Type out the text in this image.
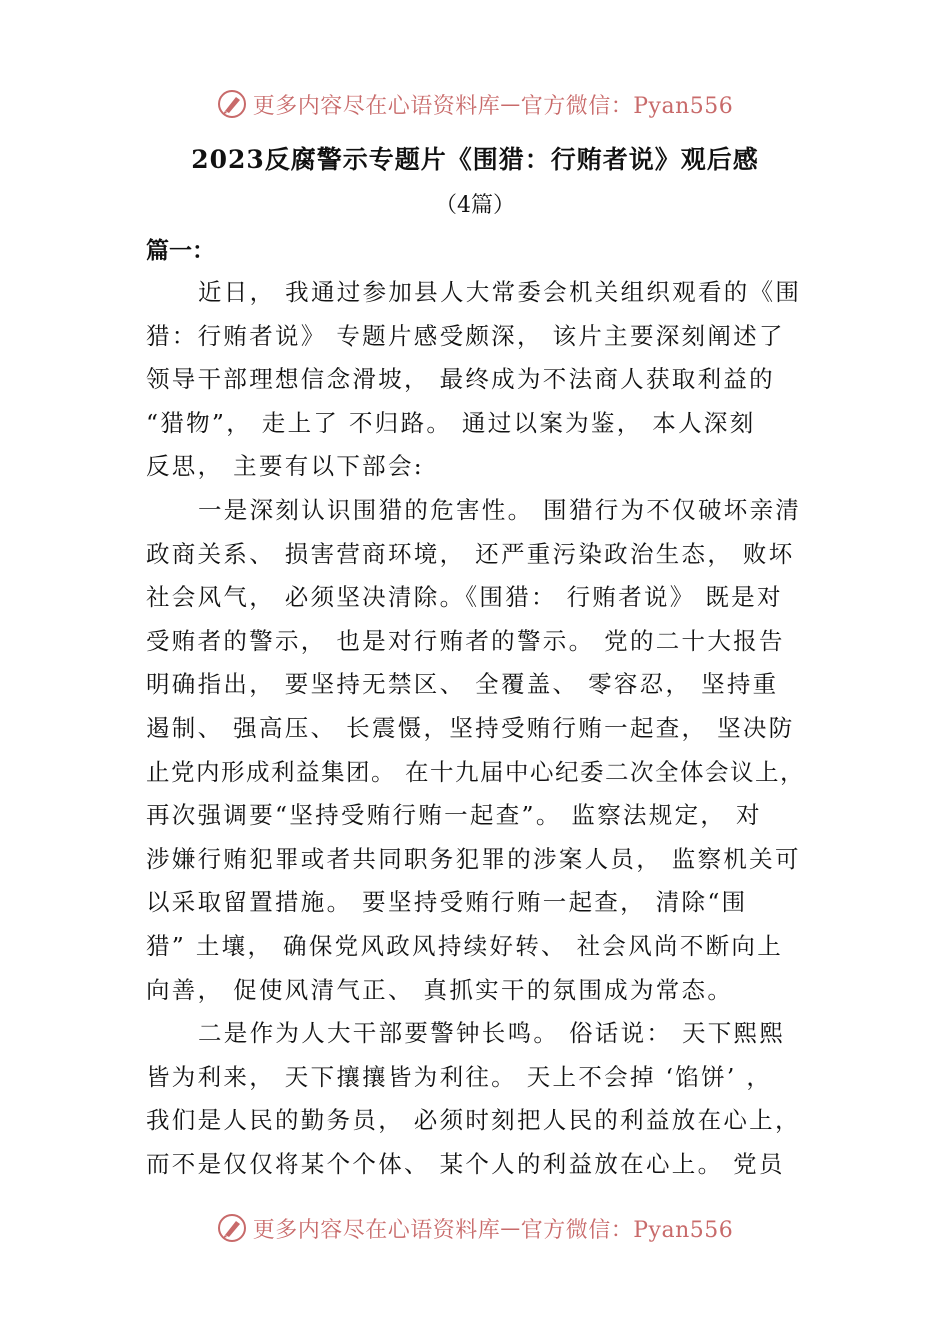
更多内容尽在心语资料库 — 官方微信：Pyan556
2023反腐警示专题片《围猎：行贿者说》观后感
（4篇）
篇一：
近日， 我通过参加县人大常委会机关组织观看的《围
猎：行贿者说》 专题片感受颇深， 该片主要深刻阐述了
领导干部理想信念滑坡， 最终成为不法商人获取利益的
“猎物”， 走上了 不归路。 通过以案为鉴， 本人深刻
反思， 主要有以下部会:
一是深刻认识围猎的危害性。 围猎行为不仅破坏亲清
政商关系、 损害营商环境， 还严重污染政治生态， 败坏
社会风气， 必须坚决清除。《围猎： 行贿者说》 既是对
受贿者的警示， 也是对行贿者的警示。 党的二十大报告
明确指出， 要坚持无禁区、 全覆盖、 零容忍， 坚持重
遏制、 强高压、 长震慑，坚持受贿行贿一起查， 坚决防
止党内形成利益集团。 在十九届中心纪委二次全体会议上，
再次强调要“坚持受贿行贿一起查”。 监察法规定， 对
涉嫌行贿犯罪或者共同职务犯罪的涉案人员， 监察机关可
以采取留置措施。 要坚持受贿行贿一起查， 清除“围
猎” 土壤， 确保党风政风持续好转、 社会风尚不断向上
向善， 促使风清气正、 真抓实干的氛围成为常态。
二是作为人大干部要警钟长鸣。 俗话说： 天下熙熙
皆为利来， 天下攘攘皆为利往。 天上不会掉 ‘馅饼’ ，
我们是人民的勤务员， 必须时刻把人民的利益放在心上，
而不是仅仅将某个个体、 某个人的利益放在心上。 党员
更多内容尽在心语资料库 — 官方微信：Pyan556
